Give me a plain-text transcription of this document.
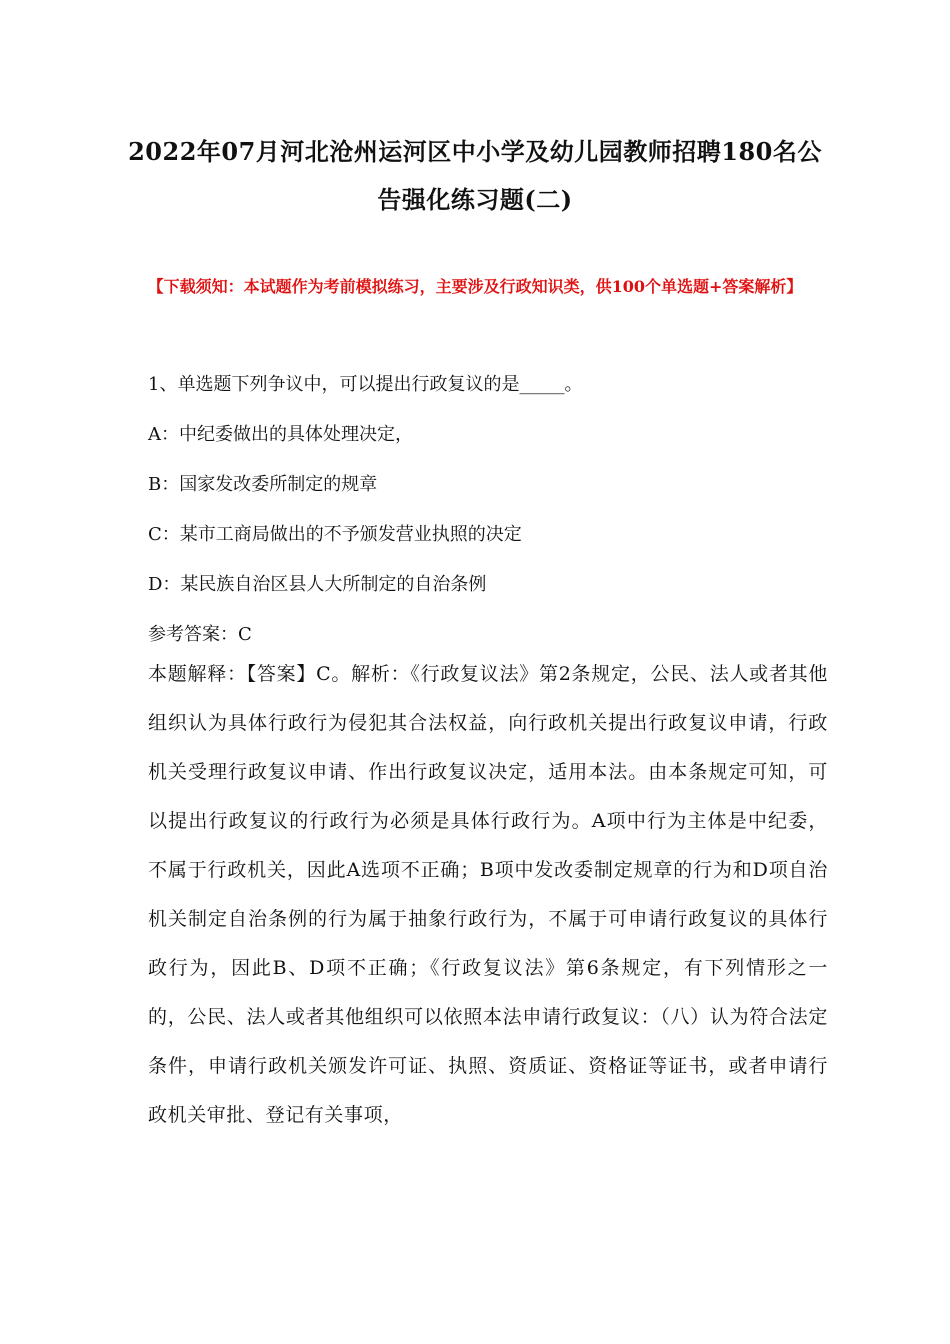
2022年07月河北沧州运河区中小学及幼儿园教师招聘180名公告强化练习题(二)
【下载须知：本试题作为考前模拟练习，主要涉及行政知识类，供100个单选题+答案解析】
1、单选题下列争议中，可以提出行政复议的是_____。
A：中纪委做出的具体处理决定，
B：国家发改委所制定的规章
C：某市工商局做出的不予颁发营业执照的决定
D：某民族自治区县人大所制定的自治条例
参考答案：C
本题解释：【答案】C。解析：《行政复议法》第2条规定，公民、法人或者其他组织认为具体行政行为侵犯其合法权益，向行政机关提出行政复议申请，行政机关受理行政复议申请、作出行政复议决定，适用本法。由本条规定可知，可以提出行政复议的行政行为必须是具体行政行为。A项中行为主体是中纪委，不属于行政机关，因此A选项不正确；B项中发改委制定规章的行为和D项自治机关制定自治条例的行为属于抽象行政行为，不属于可申请行政复议的具体行政行为，因此B、D项不正确；《行政复议法》第6条规定，有下列情形之一的，公民、法人或者其他组织可以依照本法申请行政复议：（八）认为符合法定条件，申请行政机关颁发许可证、执照、资质证、资格证等证书，或者申请行政机关审批、登记有关事项，
